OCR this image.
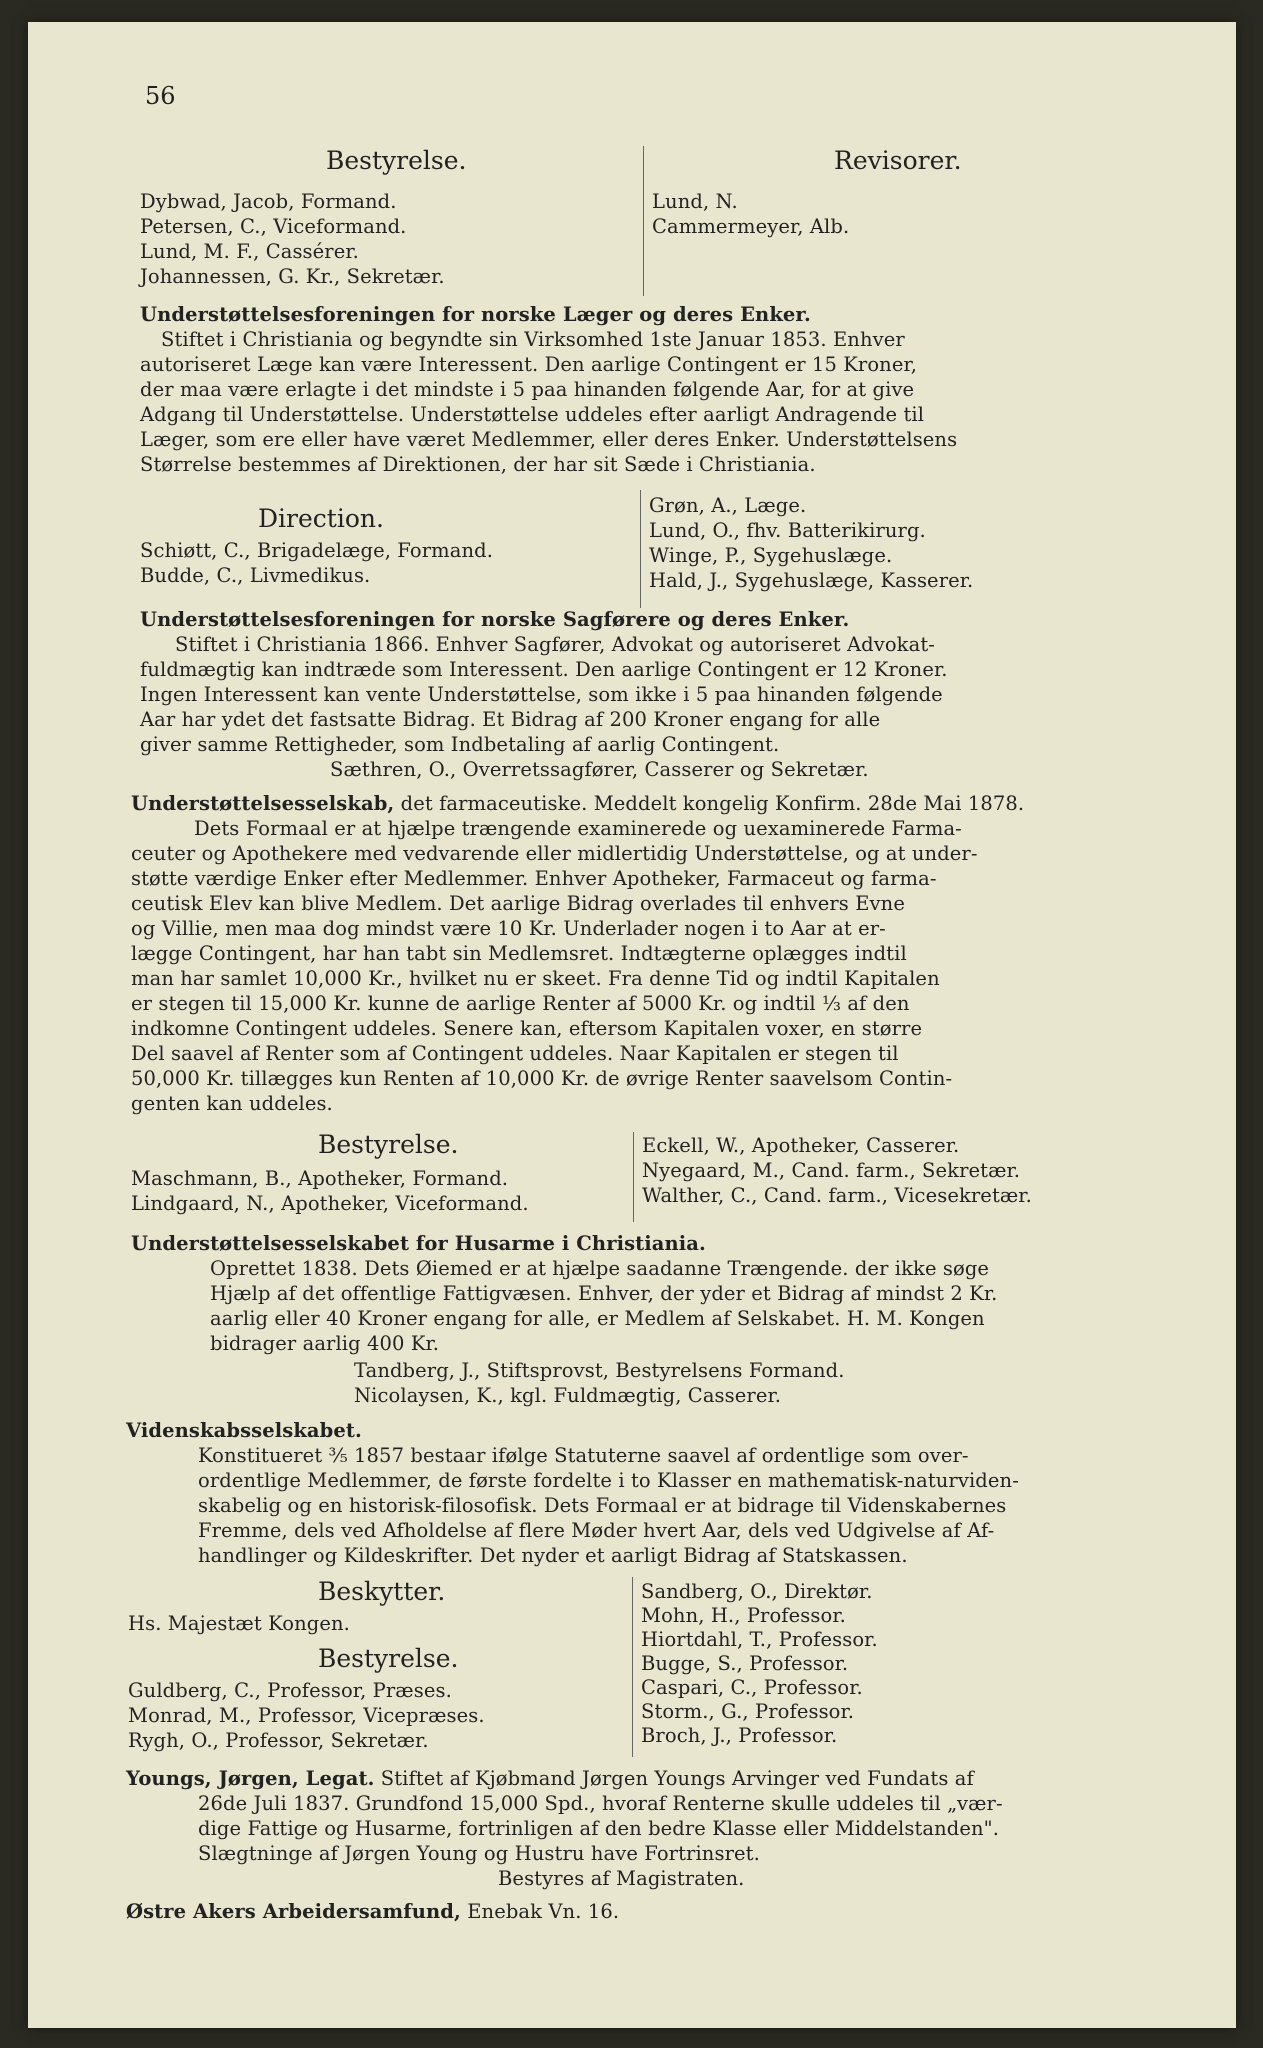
56
Bestyrelse.	Revisorer.
Dybwad, Jacob, Formand.
Petersen, C., Viceformand.
Lund, M. F., Cassérer.
Johannessen, G. Kr., Sekretær.
Lund, N.
Cammermeyer, Alb.
Understøttelsesforeningen for norske Læger og deres Enker.
Stiftet i Christiania og begyndte sin Virksomhed 1ste Januar 1853. Enhver
autoriseret Læge kan være Interessent. Den aarlige Contingent er 15 Kroner,
der maa være erlagte i det mindste i 5 paa hinanden følgende Aar, for at give
Adgang til Understøttelse. Understøttelse uddeles efter aarligt Andragende til
Læger, som ere eller have været Medlemmer, eller deres Enker. Understøttelsens
Størrelse bestemmes af Direktionen, der har sit Sæde i Christiania.
Direction.
Schiøtt, C., Brigadelæge, Formand.
Budde, C., Livmedikus.
Grøn, A., Læge.
Lund, O., fhv. Batterikirurg.
Winge, P., Sygehuslæge.
Hald, J., Sygehuslæge, Kasserer.
Understøttelsesforeningen for norske Sagførere og deres Enker.
Stiftet i Christiania 1866. Enhver Sagfører, Advokat og autoriseret Advokat-
fuldmægtig kan indtræde som Interessent. Den aarlige Contingent er 12 Kroner.
Ingen Interessent kan vente Understøttelse, som ikke i 5 paa hinanden følgende
Aar har ydet det fastsatte Bidrag. Et Bidrag af 200 Kroner engang for alle
giver samme Rettigheder, som Indbetaling af aarlig Contingent.
Sæthren, O., Overretssagfører, Casserer og Sekretær.
Understøttelsesselskab, det farmaceutiske. Meddelt kongelig Konfirm. 28de Mai 1878.
Dets Formaal er at hjælpe trængende examinerede og uexaminerede Farma-
ceuter og Apothekere med vedvarende eller midlertidig Understøttelse, og at under-
støtte værdige Enker efter Medlemmer. Enhver Apotheker, Farmaceut og farma-
ceutisk Elev kan blive Medlem. Det aarlige Bidrag overlades til enhvers Evne
og Villie, men maa dog mindst være 10 Kr. Underlader nogen i to Aar at er-
lægge Contingent, har han tabt sin Medlemsret. Indtægterne oplægges indtil
man har samlet 10,000 Kr., hvilket nu er skeet. Fra denne Tid og indtil Kapitalen
er stegen til 15,000 Kr. kunne de aarlige Renter af 5000 Kr. og indtil ⅓ af den
indkomne Contingent uddeles. Senere kan, eftersom Kapitalen voxer, en større
Del saavel af Renter som af Contingent uddeles. Naar Kapitalen er stegen til
50,000 Kr. tillægges kun Renten af 10,000 Kr. de øvrige Renter saavelsom Contin-
genten kan uddeles.
Bestyrelse.
Maschmann, B., Apotheker, Formand.
Lindgaard, N., Apotheker, Viceformand.
Eckell, W., Apotheker, Casserer.
Nyegaard, M., Cand. farm., Sekretær.
Walther, C., Cand. farm., Vicesekretær.
Understøttelsesselskabet for Husarme i Christiania.
Oprettet 1838. Dets Øiemed er at hjælpe saadanne Trængende. der ikke søge
Hjælp af det offentlige Fattigvæsen. Enhver, der yder et Bidrag af mindst 2 Kr.
aarlig eller 40 Kroner engang for alle, er Medlem af Selskabet. H. M. Kongen
bidrager aarlig 400 Kr.
Tandberg, J., Stiftsprovst, Bestyrelsens Formand.
Nicolaysen, K., kgl. Fuldmægtig, Casserer.
Videnskabsselskabet.
Konstitueret ³⁄₅ 1857 bestaar ifølge Statuterne saavel af ordentlige som over-
ordentlige Medlemmer, de første fordelte i to Klasser en mathematisk-naturviden-
skabelig og en historisk-filosofisk. Dets Formaal er at bidrage til Videnskabernes
Fremme, dels ved Afholdelse af flere Møder hvert Aar, dels ved Udgivelse af Af-
handlinger og Kildeskrifter. Det nyder et aarligt Bidrag af Statskassen.
Beskytter.
Hs. Majestæt Kongen.
Bestyrelse.
Guldberg, C., Professor, Præses.
Monrad, M., Professor, Vicepræses.
Rygh, O., Professor, Sekretær.
Sandberg, O., Direktør.
Mohn, H., Professor.
Hiortdahl, T., Professor.
Bugge, S., Professor.
Caspari, C., Professor.
Storm., G., Professor.
Broch, J., Professor.
Youngs, Jørgen, Legat. Stiftet af Kjøbmand Jørgen Youngs Arvinger ved Fundats af
26de Juli 1837. Grundfond 15,000 Spd., hvoraf Renterne skulle uddeles til „vær-
dige Fattige og Husarme, fortrinligen af den bedre Klasse eller Middelstanden".
Slægtninge af Jørgen Young og Hustru have Fortrinsret.
Bestyres af Magistraten.
Østre Akers Arbeidersamfund, Enebak Vn. 16.
